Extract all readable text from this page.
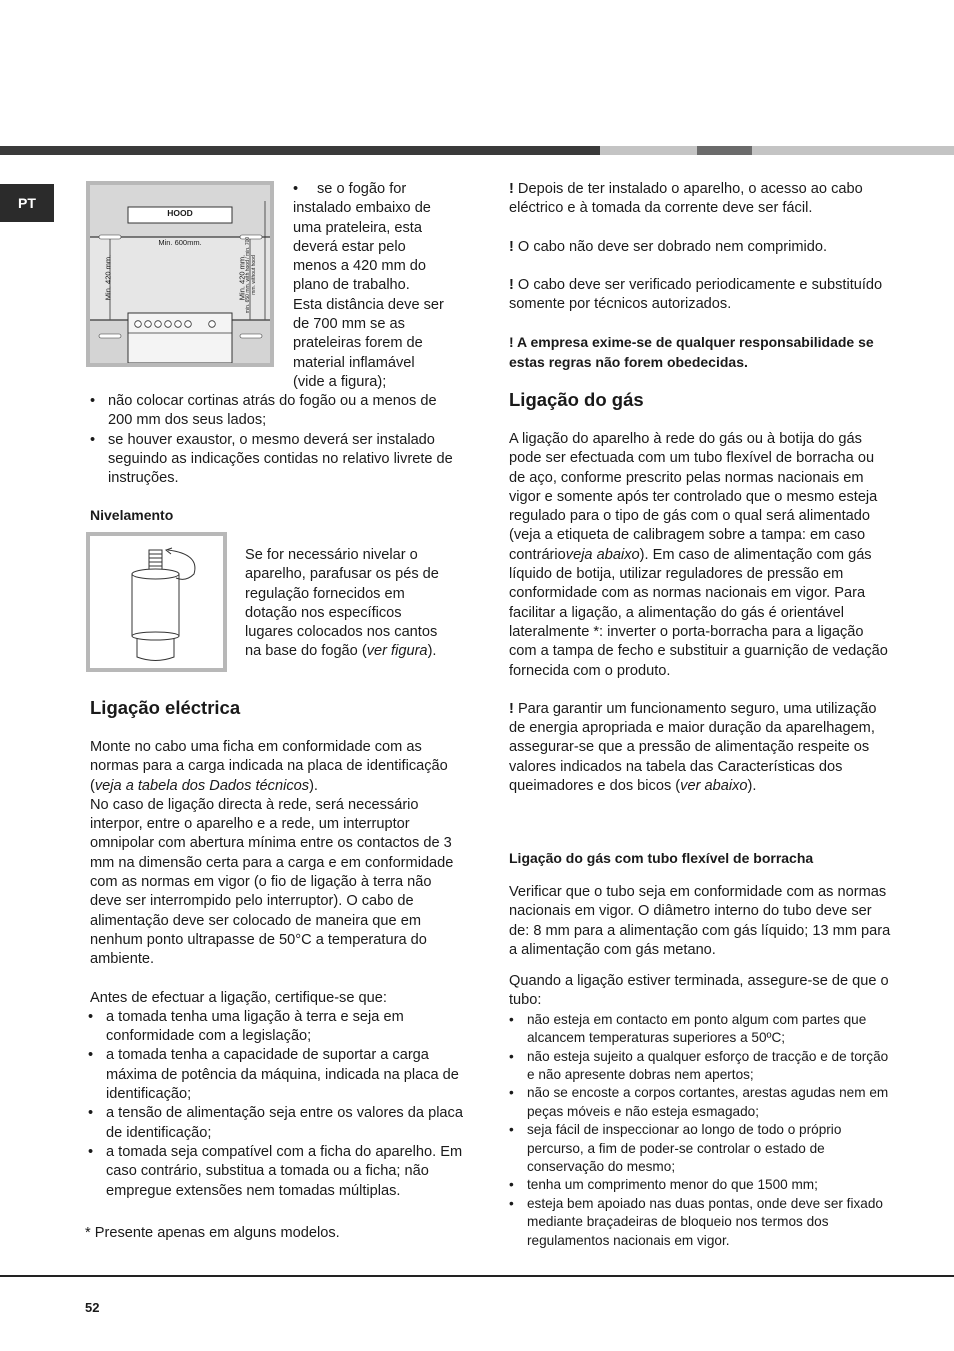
PT
HOOD
Min. 600mm.
Min. 420 mm.	Min. 420 mm.
min. 650 mm. with hood / min. 700 mm. without hood
•	se o fogão for

instalado embaixo de

uma prateleira, esta

deverá estar pelo

menos a 420 mm do

plano de trabalho.

Esta distância deve ser

de 700 mm se as

prateleiras forem de

material inflamável

(vide a figura);

• não colocar cortinas atrás do fogão ou a menos de 200 mm dos seus lados;
• se houver exaustor, o mesmo deverá ser instalado seguindo as indicações contidas no relativo livrete de instruções.
Nivelamento

Se for necessário nivelar o

aparelho, parafusar os pés de

regulação fornecidos em

dotação nos específicos

lugares colocados nos cantos

na base do fogão (ver figura).

Ligação eléctrica

Monte no cabo uma ficha em conformidade com as normas para a carga indicada na placa de identificação (veja a tabela dos Dados técnicos).

No caso de ligação directa à rede, será necessário interpor, entre o aparelho e a rede, um interruptor omnipolar com abertura mínima entre os contactos de 3 mm na dimensão certa para a carga e em conformidade com as normas em vigor (o fio de ligação à terra não deve ser interrompido pelo interruptor). O cabo de alimentação deve ser colocado de maneira que em nenhum ponto ultrapasse de 50°C a temperatura do ambiente.

Antes de efectuar a ligação, certifique-se que:

• a tomada tenha uma ligação à terra e seja em conformidade com a legislação;
• a tomada tenha a capacidade de suportar a carga máxima de potência da máquina, indicada na placa de identificação;
• a tensão de alimentação seja entre os valores da placa de identificação;
• a tomada seja compatível com a ficha do aparelho. Em caso contrário, substitua a tomada ou a ficha; não empregue extensões nem tomadas múltiplas.
* Presente apenas em alguns modelos.

! Depois de ter instalado o aparelho, o acesso ao cabo eléctrico e à tomada da corrente deve ser fácil.

! O cabo não deve ser dobrado nem comprimido.

! O cabo deve ser verificado periodicamente e substituído somente por técnicos autorizados.

! A empresa exime-se de qualquer responsabilidade se estas regras não forem obedecidas.

Ligação do gás

A ligação do aparelho à rede do gás ou à botija do gás pode ser efectuada com um tubo flexível de borracha ou de aço, conforme prescrito pelas normas nacionais em vigor e somente após ter controlado que o mesmo esteja regulado para o tipo de gás com o qual será alimentado (veja a etiqueta de calibragem sobre a tampa: em caso contrárioveja abaixo). Em caso de alimentação com gás líquido de botija, utilizar reguladores de pressão em conformidade com as normas nacionais em vigor. Para facilitar a ligação, a alimentação do gás é orientável lateralmente *: inverter o porta-borracha para a ligação com a tampa de fecho e substituir a guarnição de vedação fornecida com o produto.

! Para garantir um funcionamento seguro, uma utilização de energia apropriada e maior duração da aparelhagem, assegurar-se que a pressão de alimentação respeite os valores indicados na tabela das Características dos queimadores e dos bicos (ver abaixo).

Ligação do gás com tubo flexível de borracha

Verificar que o tubo seja em conformidade com as normas nacionais em vigor. O diâmetro interno do tubo deve ser de: 8 mm para a alimentação com gás líquido; 13 mm para a alimentação com gás metano.

Quando a ligação estiver terminada, assegure-se de que o tubo:

• não esteja em contacto em ponto algum com partes que alcancem temperaturas superiores a 50ºC;
• não esteja sujeito a qualquer esforço de tracção e de torção e não apresente dobras nem apertos;
• não se encoste a corpos cortantes, arestas agudas nem em peças móveis e não esteja esmagado;
• seja fácil de inspeccionar ao longo de todo o próprio percurso, a fim de poder-se controlar o estado de conservação do mesmo;
• tenha um comprimento menor do que 1500 mm;
• esteja bem apoiado nas duas pontas, onde deve ser fixado mediante braçadeiras de bloqueio nos termos dos regulamentos nacionais em vigor.
52
